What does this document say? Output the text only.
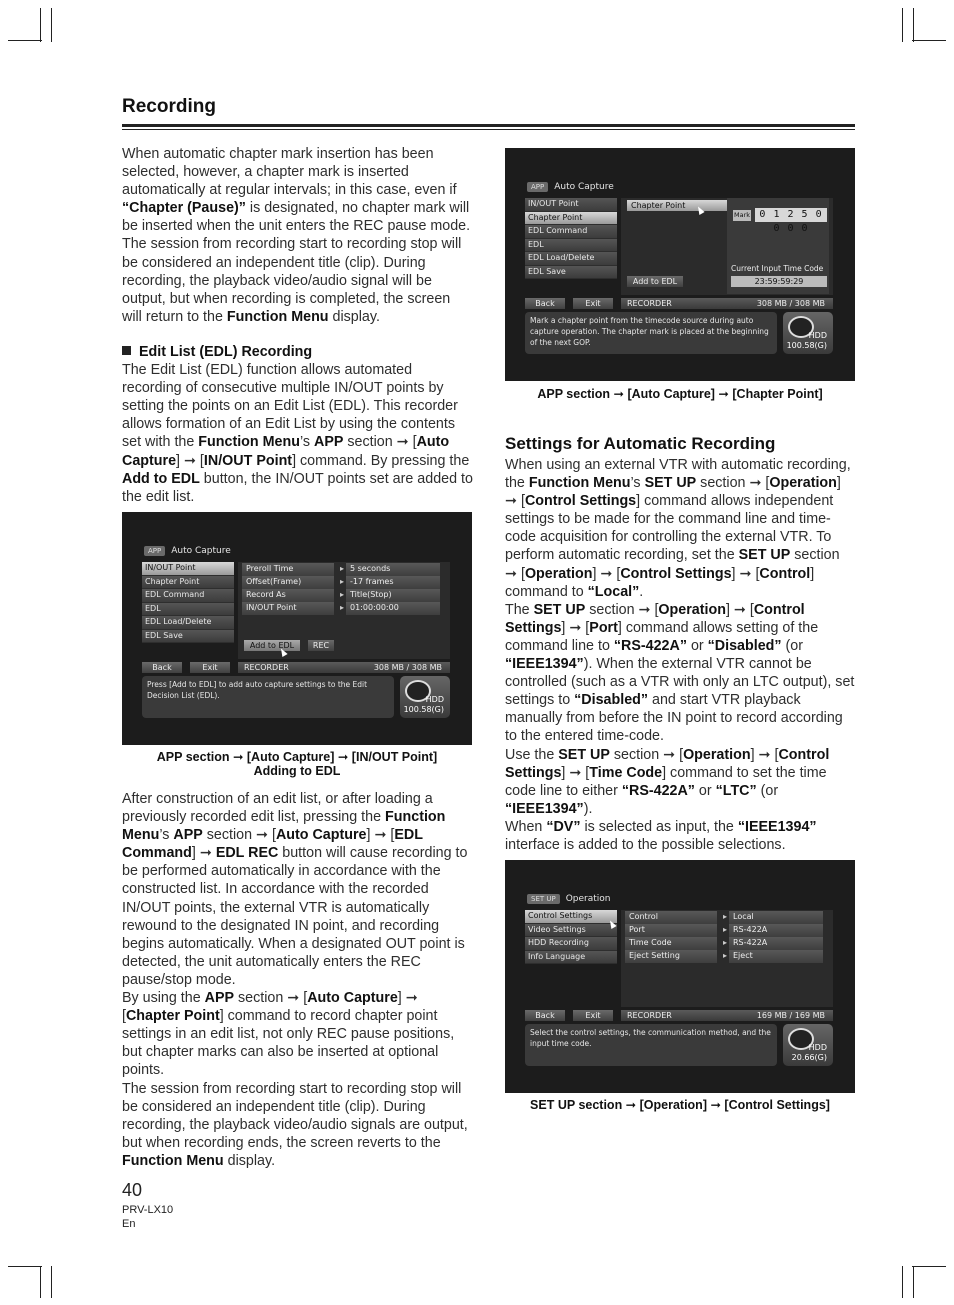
Recording

When automatic chapter mark insertion has been selected, however, a chapter mark is inserted automatically at regular intervals; in this case, even if “Chapter (Pause)” is designated, no chapter mark will be inserted when the unit enters the REC pause mode. The session from recording start to recording stop will be considered an independent title (clip). During recording, the playback video/audio signal will be output, but when recording is completed, the screen will return to the Function Menu display.

Edit List (EDL) Recording

The Edit List (EDL) function allows automated recording of consecutive multiple IN/OUT points by setting the points on an Edit List (EDL). This recorder allows formation of an Edit List by using the contents set with the Function Menu’s APP section ➞ [Auto Capture] ➞ [IN/OUT Point] command. By pressing the Add to EDL button, the IN/OUT points set are added to the edit list.

APP	Auto Capture
IN/OUT Point
Chapter Point
EDL Command
EDL
EDL Load/Delete
EDL Save
Preroll Time	▸ 5 seconds
Offset(Frame)	▸ -17 frames
Record As	▸ Title(Stop)
IN/OUT Point	▸ 01:00:00:00
Add to EDL	REC
Back	Exit	RECORDER	308 MB / 308 MB
Press [Add to EDL] to add auto capture settings to the Edit Decision List (EDL).	HDD
100.58(G)
APP section ➞ [Auto Capture] ➞ [IN/OUT Point]
Adding to EDL

After construction of an edit list, or after loading a previously recorded edit list, pressing the Function Menu’s APP section ➞ [Auto Capture] ➞ [EDL Command] ➞ EDL REC button will cause recording to be performed automatically in accordance with the constructed list. In accordance with the recorded IN/OUT points, the external VTR is automatically rewound to the designated IN point, and recording begins automatically. When a designated OUT point is detected, the unit automatically enters the REC pause/stop mode.

By using the APP section ➞ [Auto Capture] ➞ [Chapter Point] command to record chapter point settings in an edit list, not only REC pause positions, but chapter marks can also be inserted at optional points.

The session from recording start to recording stop will be considered an independent title (clip). During recording, the playback video/audio signals are output, but when recording ends, the screen reverts to the Function Menu display.

APP	Auto Capture
IN/OUT Point
Chapter Point
EDL Command
EDL
EDL Load/Delete
EDL Save
Chapter Point
Mark 0 1 2 5 0 0 0 0
Current Input Time Code
23:59:59:29
Add to EDL
Back	Exit	RECORDER	308 MB / 308 MB
Mark a chapter point from the timecode source during auto capture operation. The chapter mark is placed at the beginning of the next GOP.
HDD
100.58(G)
APP section ➞ [Auto Capture] ➞ [Chapter Point]
Settings for Automatic Recording

When using an external VTR with automatic recording, the Function Menu’s SET UP section ➞ [Operation] ➞ [Control Settings] command allows independent settings to be made for the command line and time-code acquisition for controlling the external VTR. To perform automatic recording, set the SET UP section ➞ [Operation] ➞ [Control Settings] ➞ [Control] command to “Local”.

The SET UP section ➞ [Operation] ➞ [Control Settings] ➞ [Port] command allows setting of the command line to “RS-422A” or “Disabled” (or “IEEE1394”). When the external VTR cannot be controlled (such as a VTR with only an LTC output), set settings to “Disabled” and start VTR playback manually from before the IN point to record according to the entered time-code.

Use the SET UP section ➞ [Operation] ➞ [Control Settings] ➞ [Time Code] command to set the time code line to either “RS-422A” or “LTC” (or “IEEE1394”).

When “DV” is selected as input, the “IEEE1394” interface is added to the possible selections.

SET UP	Operation
Control Settings
Video Settings
HDD Recording
Info Language
Control	▸ Local
Port	▸ RS-422A
Time Code	▸ RS-422A
Eject Setting	▸ Eject
Back	Exit	RECORDER	169 MB / 169 MB
Select the control settings, the communication method, and the input time code.	HDD
20.66(G)
SET UP section ➞ [Operation] ➞ [Control Settings]
40
PRV-LX10
En
